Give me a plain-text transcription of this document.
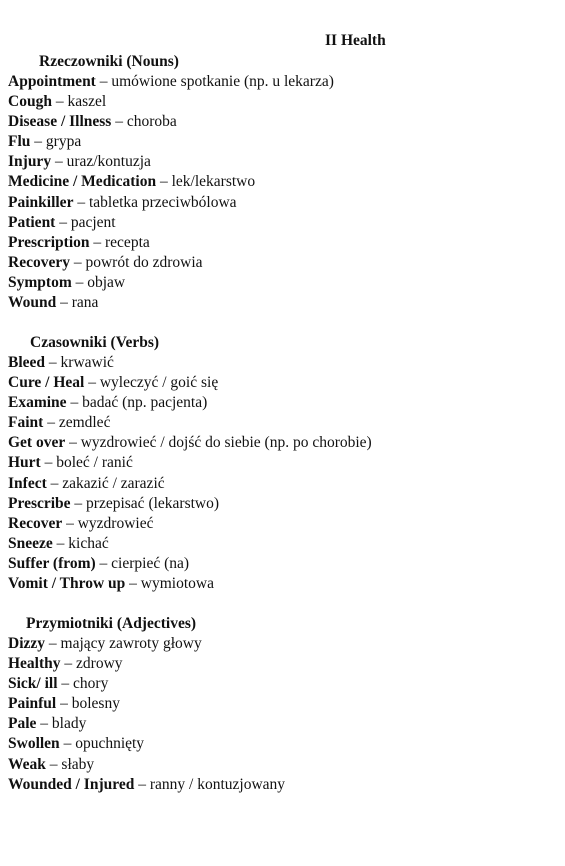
II Health
Rzeczowniki (Nouns)
Appointment – umówione spotkanie (np. u lekarza)
Cough – kaszel
Disease / Illness – choroba
Flu – grypa
Injury – uraz/kontuzja
Medicine / Medication – lek/lekarstwo
Painkiller – tabletka przeciwbólowa
Patient – pacjent
Prescription – recepta
Recovery – powrót do zdrowia
Symptom – objaw
Wound – rana
Czasowniki (Verbs)
Bleed – krwawić
Cure / Heal – wyleczyć / goić się
Examine – badać (np. pacjenta)
Faint – zemdleć
Get over – wyzdrowieć / dojść do siebie (np. po chorobie)
Hurt – boleć / ranić
Infect – zakazić / zarazić
Prescribe – przepisać (lekarstwo)
Recover – wyzdrowieć
Sneeze – kichać
Suffer (from) – cierpieć (na)
Vomit / Throw up – wymiotowa
Przymiotniki (Adjectives)
Dizzy – mający zawroty głowy
Healthy – zdrowy
Sick/ ill – chory
Painful – bolesny
Pale – blady
Swollen – opuchnięty
Weak – słaby
Wounded / Injured – ranny / kontuzjowany
